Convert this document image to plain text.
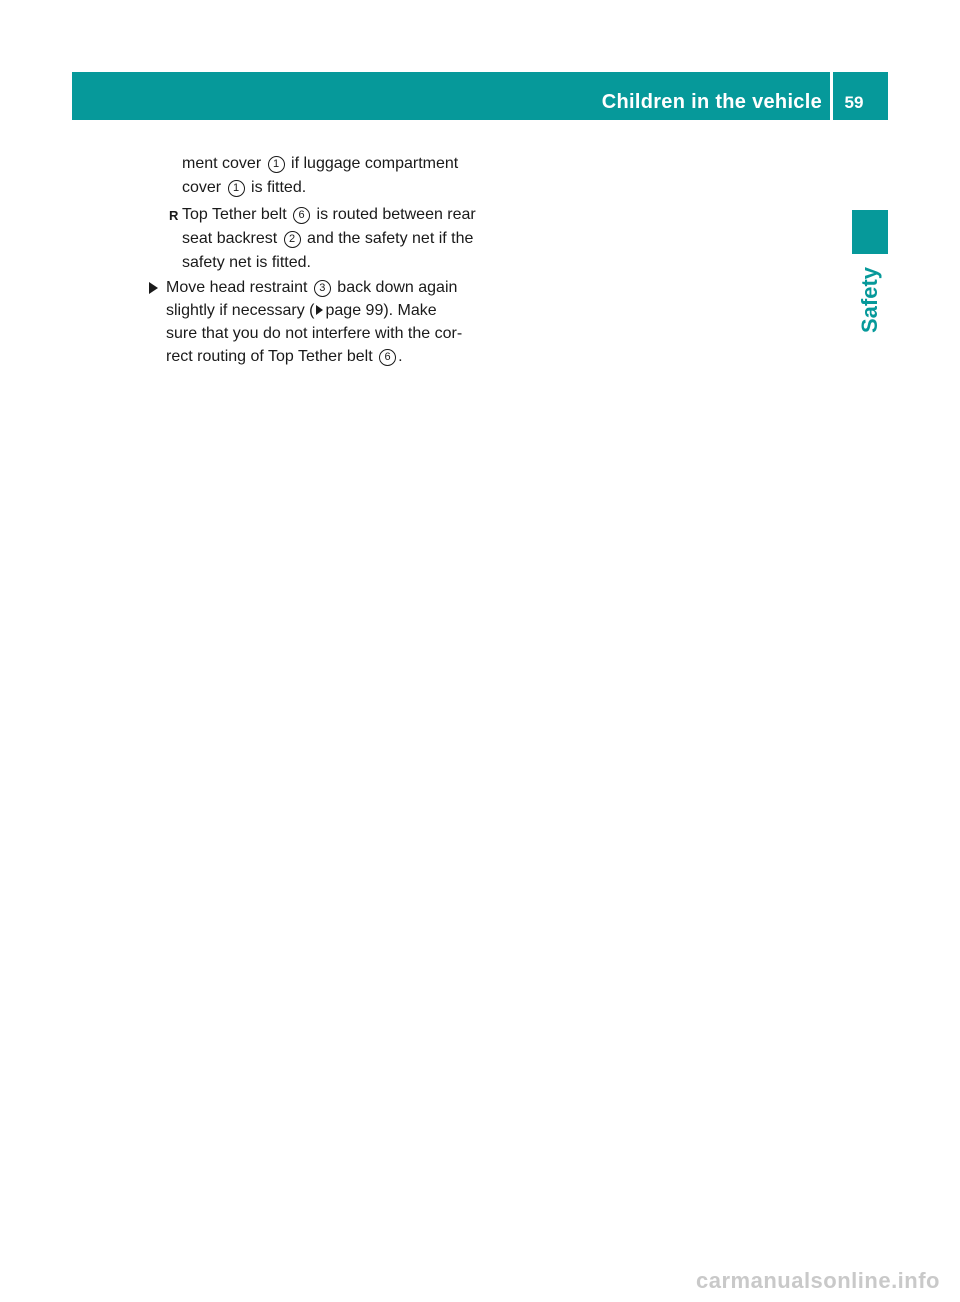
Children in the vehicle	59
Safety
ment cover 1 if luggage compartment
cover 1 is fitted.
R Top Tether belt 6 is routed between rear
seat backrest 2 and the safety net if the
safety net is fitted.
Move head restraint 3 back down again
slightly if necessary ( page 99). Make
sure that you do not interfere with the cor-
rect routing of Top Tether belt 6 .
carmanualsonline.info
